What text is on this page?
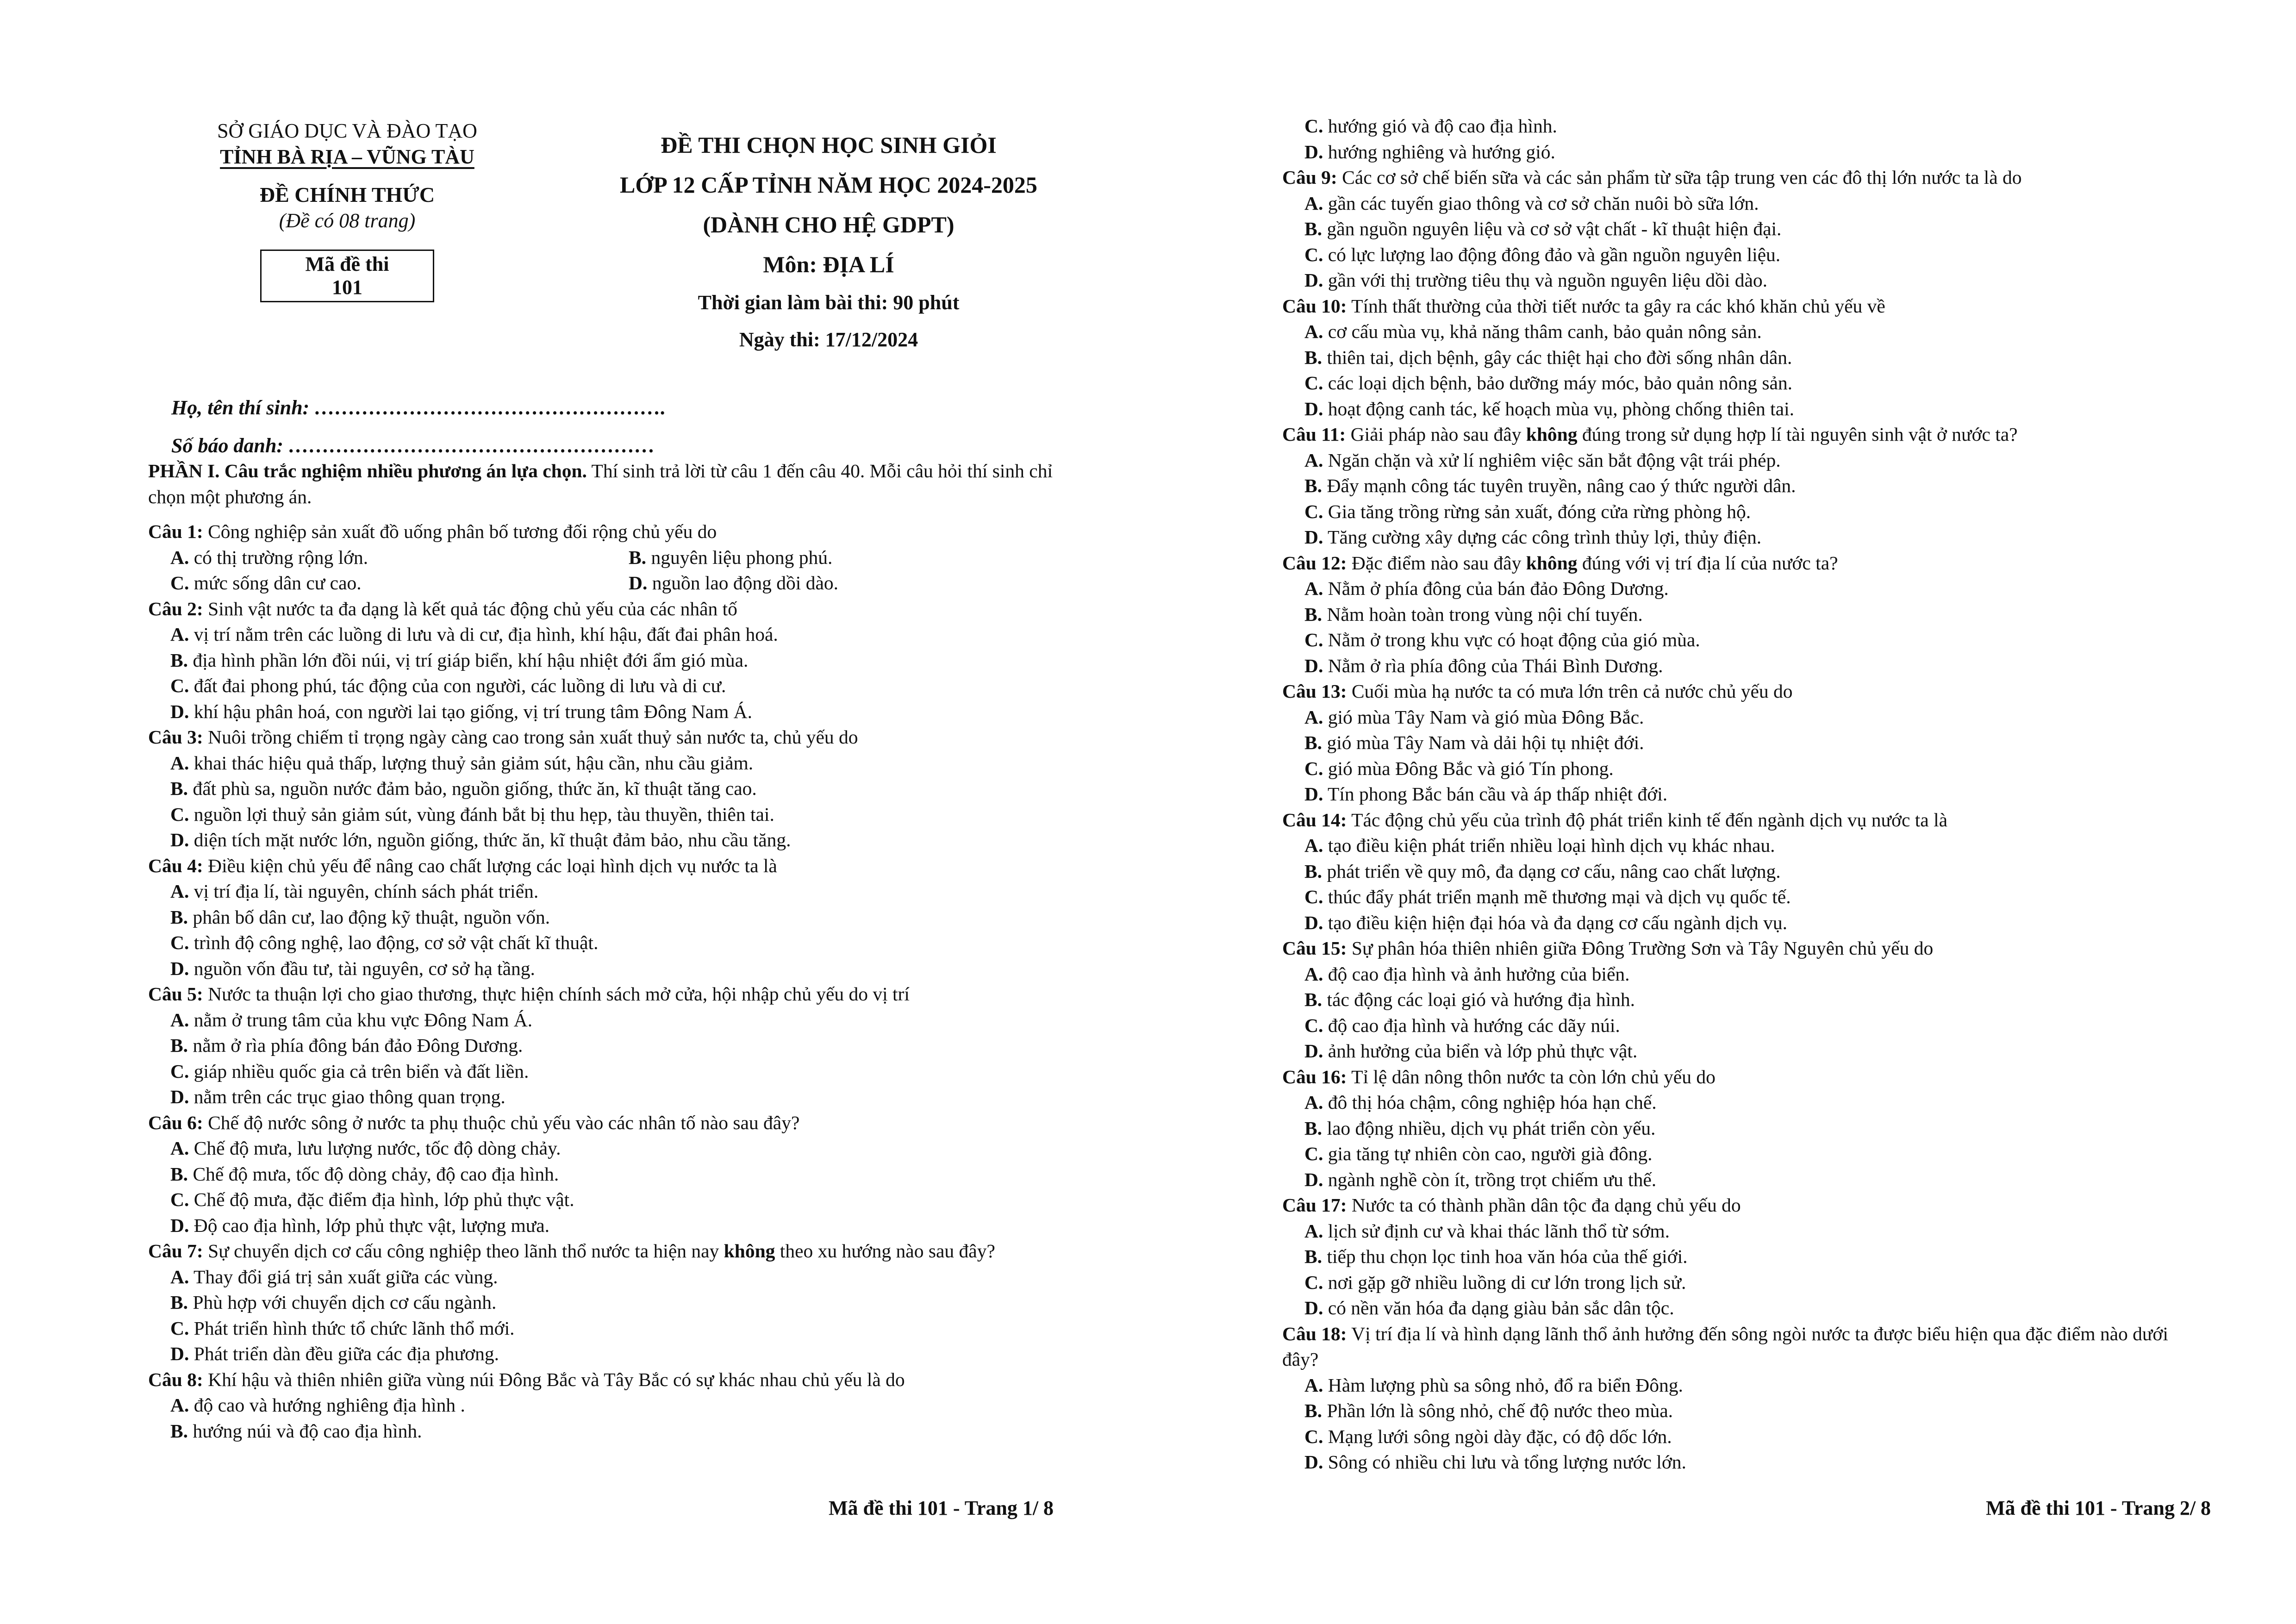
SỞ GIÁO DỤC VÀ ĐÀO TẠO
TỈNH BÀ RỊA – VŨNG TÀU
ĐỀ CHÍNH THỨC
(Đề có 08 trang)
Mã đề thi
101
ĐỀ THI CHỌN HỌC SINH GIỎI
LỚP 12 CẤP TỈNH NĂM HỌC 2024-2025
(DÀNH CHO HỆ GDPT)
Môn: ĐỊA LÍ
Thời gian làm bài thi: 90 phút
Ngày thi: 17/12/2024
Họ, tên thí sinh: …………………………………………….
Số báo danh: ………………………………………………
PHẦN I. Câu trắc nghiệm nhiều phương án lựa chọn. Thí sinh trả lời từ câu 1 đến câu 40. Mỗi câu hỏi thí sinh chỉ chọn một phương án.
Câu 1: Công nghiệp sản xuất đồ uống phân bố tương đối rộng chủ yếu do
A. có thị trường rộng lớn.	B. nguyên liệu phong phú.
C. mức sống dân cư cao.	D. nguồn lao động dồi dào.
Câu 2: Sinh vật nước ta đa dạng là kết quả tác động chủ yếu của các nhân tố
A. vị trí nằm trên các luồng di lưu và di cư, địa hình, khí hậu, đất đai phân hoá.
B. địa hình phần lớn đồi núi, vị trí giáp biển, khí hậu nhiệt đới ẩm gió mùa.
C. đất đai phong phú, tác động của con người, các luồng di lưu và di cư.
D. khí hậu phân hoá, con người lai tạo giống, vị trí trung tâm Đông Nam Á.
Câu 3: Nuôi trồng chiếm tỉ trọng ngày càng cao trong sản xuất thuỷ sản nước ta, chủ yếu do
A. khai thác hiệu quả thấp, lượng thuỷ sản giảm sút, hậu cần, nhu cầu giảm.
B. đất phù sa, nguồn nước đảm bảo, nguồn giống, thức ăn, kĩ thuật tăng cao.
C. nguồn lợi thuỷ sản giảm sút, vùng đánh bắt bị thu hẹp, tàu thuyền, thiên tai.
D. diện tích mặt nước lớn, nguồn giống, thức ăn, kĩ thuật đảm bảo, nhu cầu tăng.
Câu 4: Điều kiện chủ yếu để nâng cao chất lượng các loại hình dịch vụ nước ta là
A. vị trí địa lí, tài nguyên, chính sách phát triển.
B. phân bố dân cư, lao động kỹ thuật, nguồn vốn.
C. trình độ công nghệ, lao động, cơ sở vật chất kĩ thuật.
D. nguồn vốn đầu tư, tài nguyên, cơ sở hạ tầng.
Câu 5: Nước ta thuận lợi cho giao thương, thực hiện chính sách mở cửa, hội nhập chủ yếu do vị trí
A. nằm ở trung tâm của khu vực Đông Nam Á.
B. nằm ở rìa phía đông bán đảo Đông Dương.
C. giáp nhiều quốc gia cả trên biển và đất liền.
D. nằm trên các trục giao thông quan trọng.
Câu 6: Chế độ nước sông ở nước ta phụ thuộc chủ yếu vào các nhân tố nào sau đây?
A. Chế độ mưa, lưu lượng nước, tốc độ dòng chảy.
B. Chế độ mưa, tốc độ dòng chảy, độ cao địa hình.
C. Chế độ mưa, đặc điểm địa hình, lớp phủ thực vật.
D. Độ cao địa hình, lớp phủ thực vật, lượng mưa.
Câu 7: Sự chuyển dịch cơ cấu công nghiệp theo lãnh thổ nước ta hiện nay không theo xu hướng nào sau đây?
A. Thay đổi giá trị sản xuất giữa các vùng.
B. Phù hợp với chuyển dịch cơ cấu ngành.
C. Phát triển hình thức tổ chức lãnh thổ mới.
D. Phát triển dàn đều giữa các địa phương.
Câu 8: Khí hậu và thiên nhiên giữa vùng núi Đông Bắc và Tây Bắc có sự khác nhau chủ yếu là do
A. độ cao và hướng nghiêng địa hình .
B. hướng núi và độ cao địa hình.
Mã đề thi 101 - Trang 1/ 8
C. hướng gió và độ cao địa hình.
D. hướng nghiêng và hướng gió.
Câu 9: Các cơ sở chế biến sữa và các sản phẩm từ sữa tập trung ven các đô thị lớn nước ta là do
A. gần các tuyến giao thông và cơ sở chăn nuôi bò sữa lớn.
B. gần nguồn nguyên liệu và cơ sở vật chất - kĩ thuật hiện đại.
C. có lực lượng lao động đông đảo và gần nguồn nguyên liệu.
D. gần với thị trường tiêu thụ và nguồn nguyên liệu dồi dào.
Câu 10: Tính thất thường của thời tiết nước ta gây ra các khó khăn chủ yếu về
A. cơ cấu mùa vụ, khả năng thâm canh, bảo quản nông sản.
B. thiên tai, dịch bệnh, gây các thiệt hại cho đời sống nhân dân.
C. các loại dịch bệnh, bảo dưỡng máy móc, bảo quản nông sản.
D. hoạt động canh tác, kế hoạch mùa vụ, phòng chống thiên tai.
Câu 11: Giải pháp nào sau đây không đúng trong sử dụng hợp lí tài nguyên sinh vật ở nước ta?
A. Ngăn chặn và xử lí nghiêm việc săn bắt động vật trái phép.
B. Đẩy mạnh công tác tuyên truyền, nâng cao ý thức người dân.
C. Gia tăng trồng rừng sản xuất, đóng cửa rừng phòng hộ.
D. Tăng cường xây dựng các công trình thủy lợi, thủy điện.
Câu 12: Đặc điểm nào sau đây không đúng với vị trí địa lí của nước ta?
A. Nằm ở phía đông của bán đảo Đông Dương.
B. Nằm hoàn toàn trong vùng nội chí tuyến.
C. Nằm ở trong khu vực có hoạt động của gió mùa.
D. Nằm ở rìa phía đông của Thái Bình Dương.
Câu 13: Cuối mùa hạ nước ta có mưa lớn trên cả nước chủ yếu do
A. gió mùa Tây Nam và gió mùa Đông Bắc.
B. gió mùa Tây Nam và dải hội tụ nhiệt đới.
C. gió mùa Đông Bắc và gió Tín phong.
D. Tín phong Bắc bán cầu và áp thấp nhiệt đới.
Câu 14: Tác động chủ yếu của trình độ phát triển kinh tế đến ngành dịch vụ nước ta là
A. tạo điều kiện phát triển nhiều loại hình dịch vụ khác nhau.
B. phát triển về quy mô, đa dạng cơ cấu, nâng cao chất lượng.
C. thúc đẩy phát triển mạnh mẽ thương mại và dịch vụ quốc tế.
D. tạo điều kiện hiện đại hóa và đa dạng cơ cấu ngành dịch vụ.
Câu 15: Sự phân hóa thiên nhiên giữa Đông Trường Sơn và Tây Nguyên chủ yếu do
A. độ cao địa hình và ảnh hưởng của biển.
B. tác động các loại gió và hướng địa hình.
C. độ cao địa hình và hướng các dãy núi.
D. ảnh hưởng của biển và lớp phủ thực vật.
Câu 16: Tỉ lệ dân nông thôn nước ta còn lớn chủ yếu do
A. đô thị hóa chậm, công nghiệp hóa hạn chế.
B. lao động nhiều, dịch vụ phát triển còn yếu.
C. gia tăng tự nhiên còn cao, người già đông.
D. ngành nghề còn ít, trồng trọt chiếm ưu thế.
Câu 17: Nước ta có thành phần dân tộc đa dạng chủ yếu do
A. lịch sử định cư và khai thác lãnh thổ từ sớm.
B. tiếp thu chọn lọc tinh hoa văn hóa của thế giới.
C. nơi gặp gỡ nhiều luồng di cư lớn trong lịch sử.
D. có nền văn hóa đa dạng giàu bản sắc dân tộc.
Câu 18: Vị trí địa lí và hình dạng lãnh thổ ảnh hưởng đến sông ngòi nước ta được biểu hiện qua đặc điểm nào dưới đây?
A. Hàm lượng phù sa sông nhỏ, đổ ra biển Đông.
B. Phần lớn là sông nhỏ, chế độ nước theo mùa.
C. Mạng lưới sông ngòi dày đặc, có độ dốc lớn.
D. Sông có nhiều chi lưu và tổng lượng nước lớn.
Mã đề thi 101 - Trang 2/ 8
